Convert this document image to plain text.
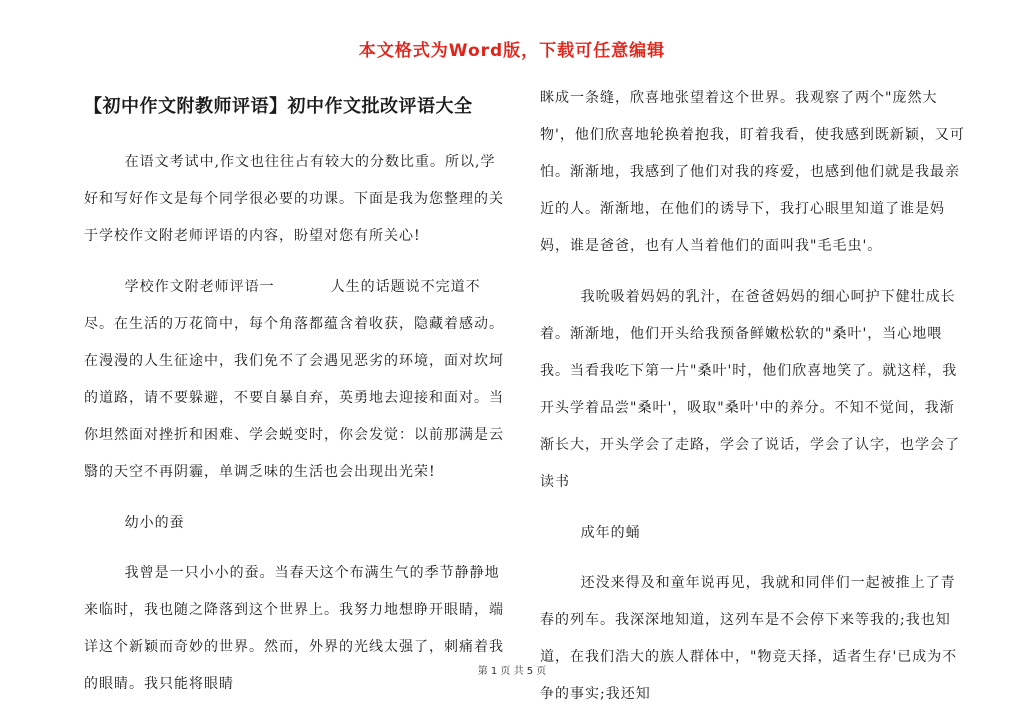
本文格式为Word版，下载可任意编辑
【初中作文附教师评语】初中作文批改评语大全

在语文考试中,作文也往往占有较大的分数比重。所以,学好和写好作文是每个同学很必要的功课。下面是我为您整理的关于学校作文附老师评语的内容，盼望对您有所关心!

学校作文附老师评语一	人生的话题说不完道不尽。在生活的万花筒中，每个角落都蕴含着收获，隐藏着感动。在漫漫的人生征途中，我们免不了会遇见恶劣的环境，面对坎坷的道路，请不要躲避，不要自暴自弃，英勇地去迎接和面对。当你坦然面对挫折和困难、学会蜕变时，你会发觉：以前那满是云翳的天空不再阴霾，单调乏味的生活也会出现出光荣!

幼小的蚕

我曾是一只小小的蚕。当春天这个布满生气的季节静静地来临时，我也随之降落到这个世界上。我努力地想睁开眼睛，端详这个新颖而奇妙的世界。然而，外界的光线太强了，刺痛着我的眼睛。我只能将眼睛

眯成一条缝，欣喜地张望着这个世界。我观察了两个"庞然大物'，他们欣喜地轮换着抱我，盯着我看，使我感到既新颖，又可怕。渐渐地，我感到了他们对我的疼爱，也感到他们就是我最亲近的人。渐渐地，在他们的诱导下，我打心眼里知道了谁是妈妈，谁是爸爸，也有人当着他们的面叫我"毛毛虫'。

我吮吸着妈妈的乳汁，在爸爸妈妈的细心呵护下健壮成长着。渐渐地，他们开头给我预备鲜嫩松软的"桑叶'，当心地喂我。当看我吃下第一片"桑叶'时，他们欣喜地笑了。就这样，我开头学着品尝"桑叶'，吸取"桑叶'中的养分。不知不觉间，我渐渐长大，开头学会了走路，学会了说话，学会了认字，也学会了读书

成年的蛹

还没来得及和童年说再见，我就和同伴们一起被推上了青春的列车。我深深地知道，这列车是不会停下来等我的;我也知道，在我们浩大的族人群体中，"物竞天择，适者生存'已成为不争的事实;我还知

第 1 页 共 5 页
